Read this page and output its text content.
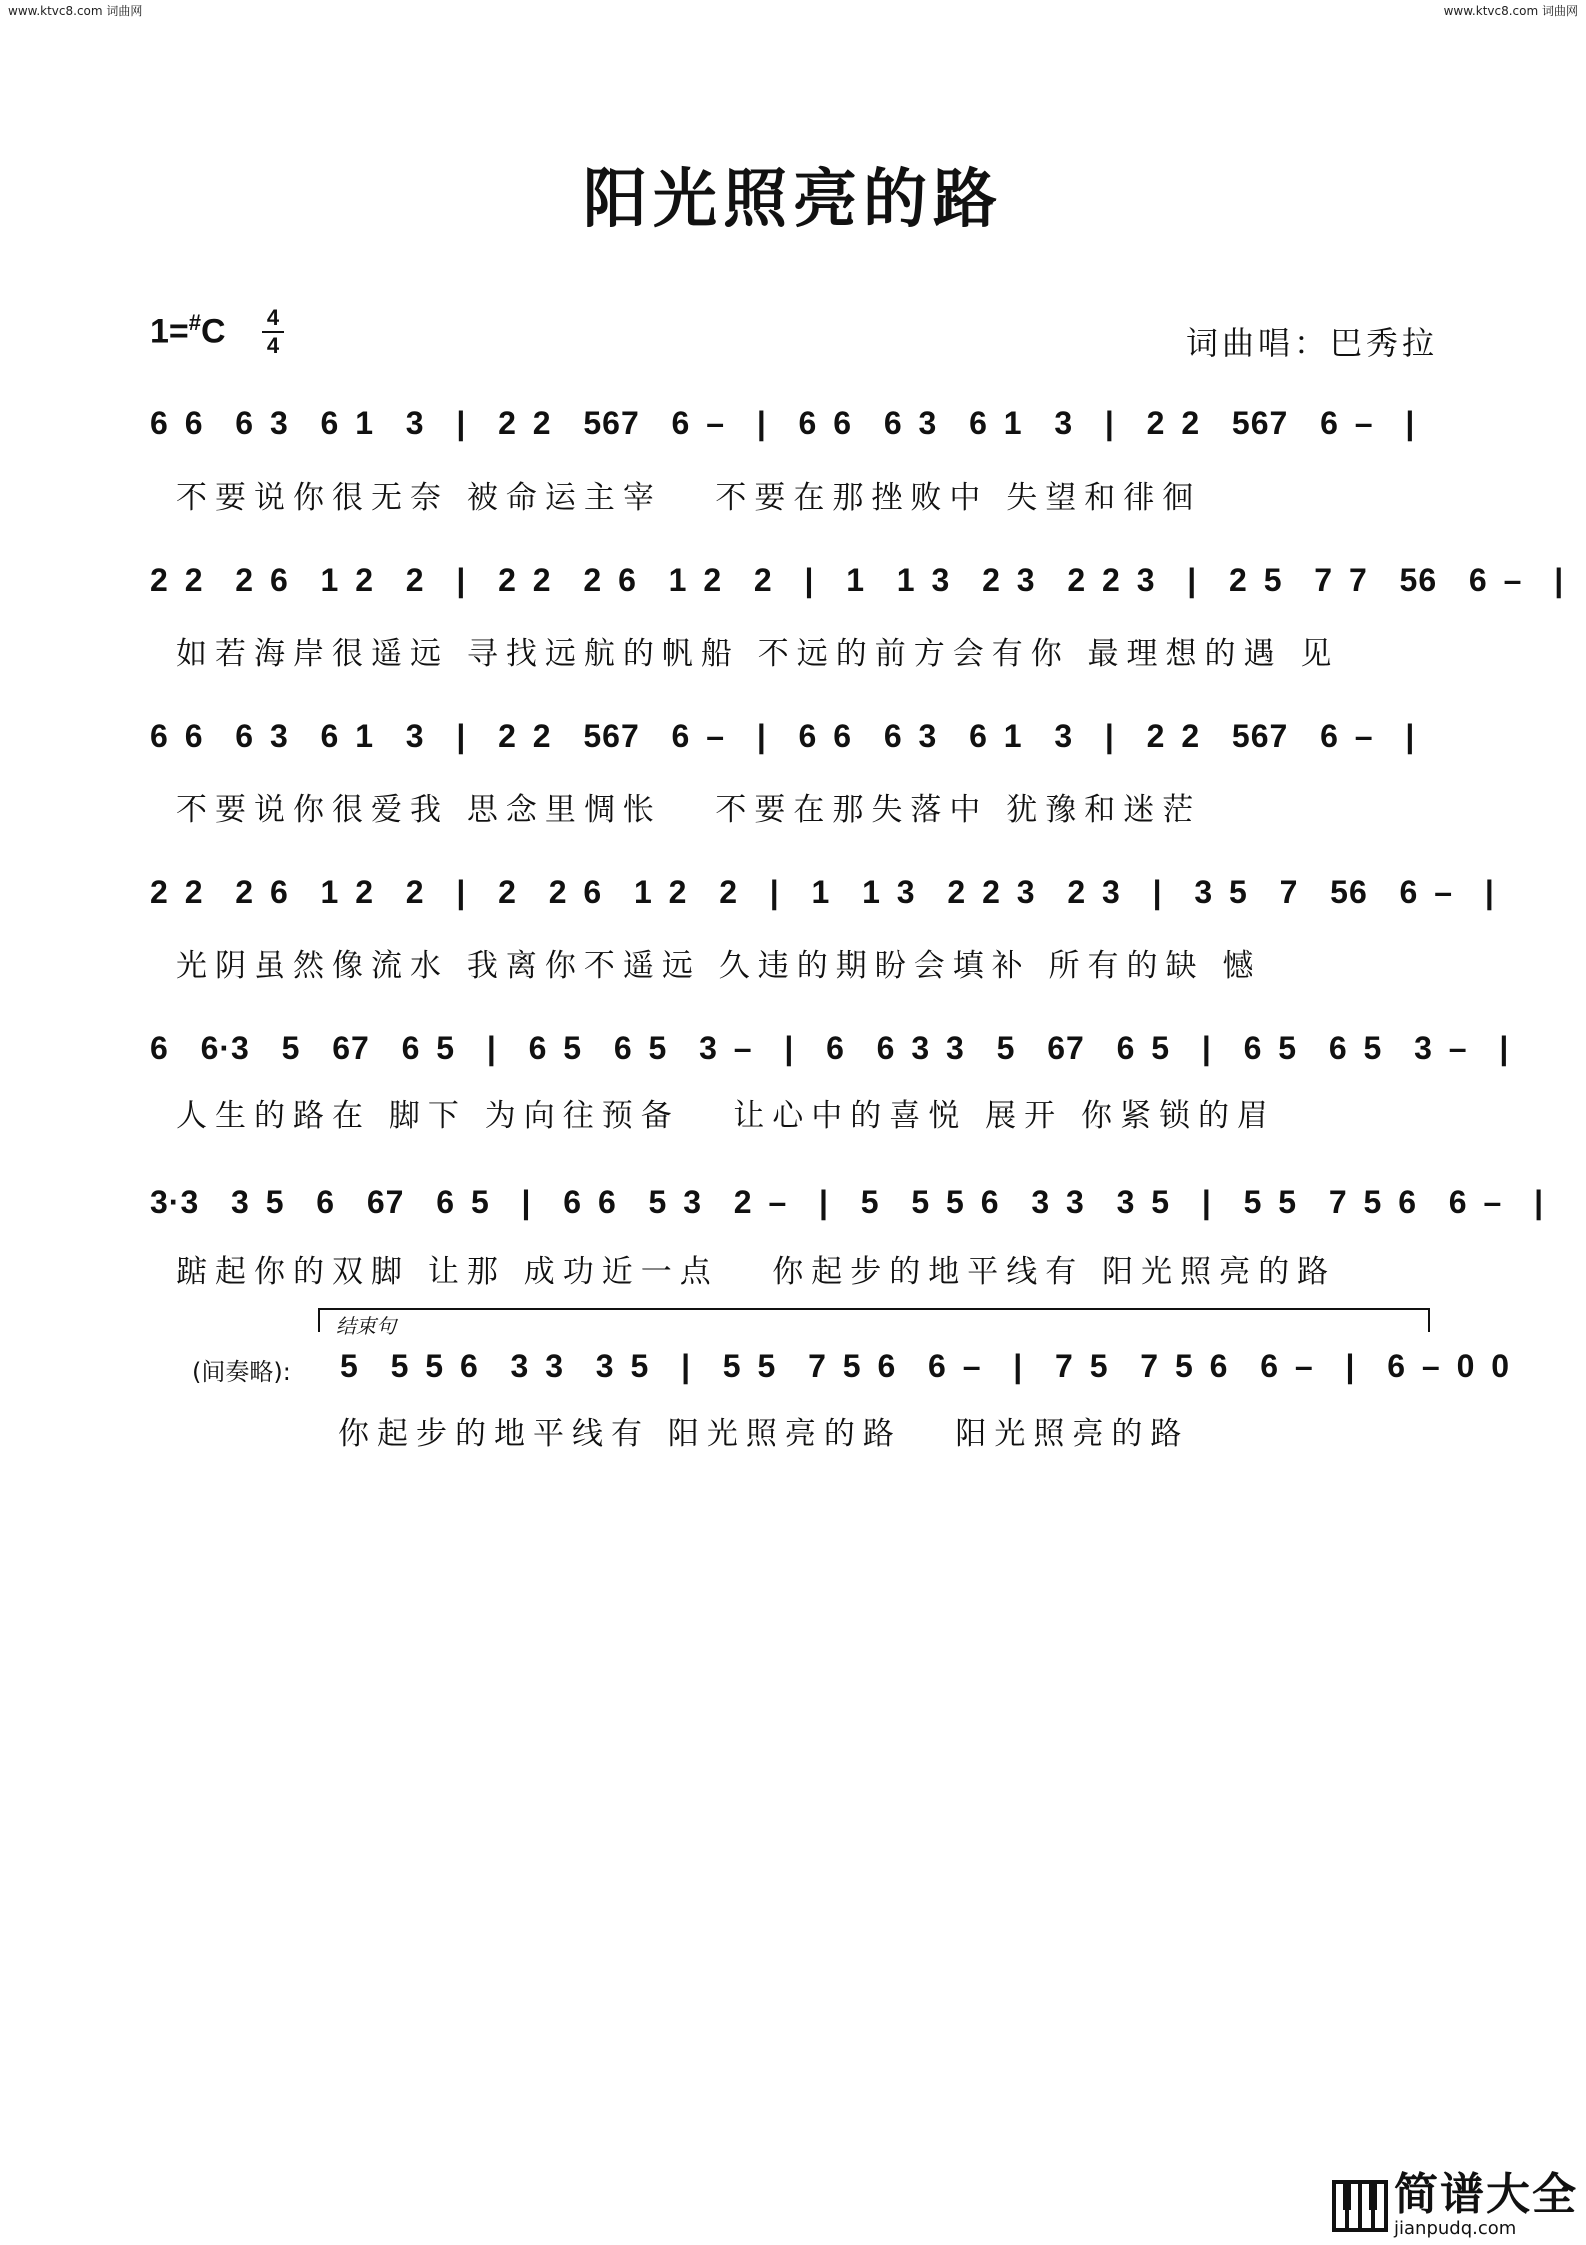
www.ktvc8.com 词曲网	www.ktvc8.com 词曲网
阳光照亮的路
1=#C 4
4	词曲唱：巴秀拉
6 6  6 3  6 1  3  |  2 2  567  6 –  |  6 6  6 3  6 1  3  |  2 2  567  6 –  |
不要说你很无奈 被命运主宰   不要在那挫败中 失望和徘徊
2 2  2 6  1 2  2  |  2 2  2 6  1 2  2  |  1  1 3  2 3  2 2 3  |  2 5  7 7  56  6 –  |
如若海岸很遥远 寻找远航的帆船 不远的前方会有你 最理想的遇 见
6 6  6 3  6 1  3  |  2 2  567  6 –  |  6 6  6 3  6 1  3  |  2 2  567  6 –  |
不要说你很爱我 思念里惆怅   不要在那失落中 犹豫和迷茫
2 2  2 6  1 2  2  |  2  2 6  1 2  2  |  1  1 3  2 2 3  2 3  |  3 5  7  56  6 –  |
光阴虽然像流水 我离你不遥远 久违的期盼会填补 所有的缺 憾
6  6·3  5  67  6 5  |  6 5  6 5  3 –  |  6  6 3 3  5  67  6 5  |  6 5  6 5  3 –  |
人生的路在 脚下 为向往预备   让心中的喜悦 展开 你紧锁的眉
3·3  3 5  6  67  6 5  |  6 6  5 3  2 –  |  5  5 5 6  3 3  3 5  |  5 5  7 5 6  6 –  |
踮起你的双脚 让那 成功近一点   你起步的地平线有 阳光照亮的路
结束句
(间奏略): 5  5 5 6  3 3  3 5  |  5 5  7 5 6  6 –  |  7 5  7 5 6  6 –  |  6 – 0 0
你起步的地平线有 阳光照亮的路   阳光照亮的路
简谱大全
jianpudq.com
